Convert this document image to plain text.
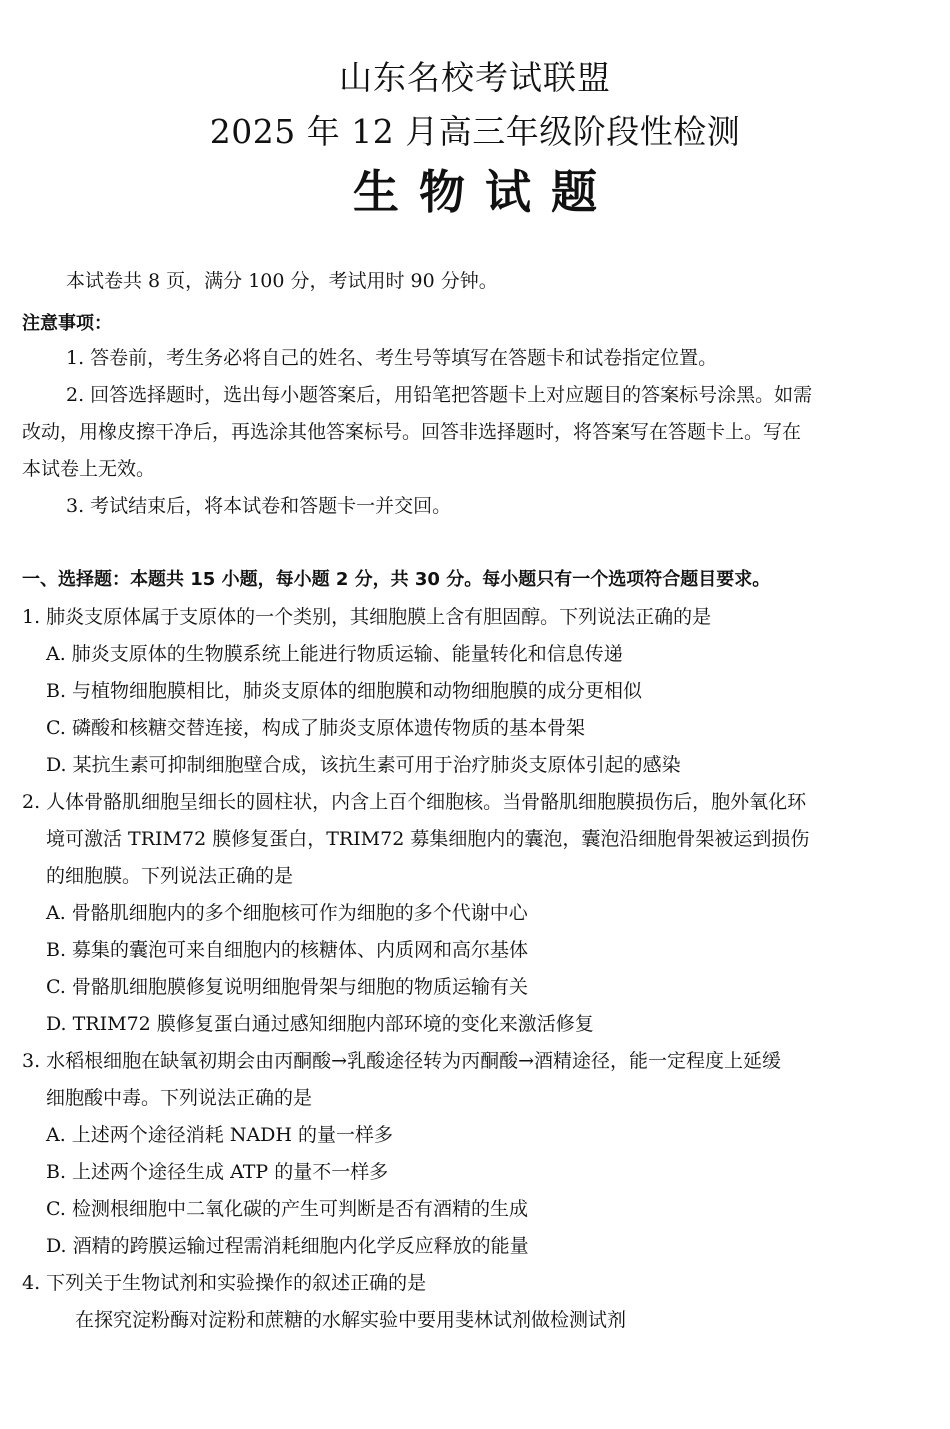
山东名校考试联盟
2025 年 12 月高三年级阶段性检测
生物试题
本试卷共 8 页，满分 100 分，考试用时 90 分钟。
注意事项：
1. 答卷前，考生务必将自己的姓名、考生号等填写在答题卡和试卷指定位置。
2. 回答选择题时，选出每小题答案后，用铅笔把答题卡上对应题目的答案标号涂黑。如需
改动，用橡皮擦干净后，再选涂其他答案标号。回答非选择题时，将答案写在答题卡上。写在
本试卷上无效。
3. 考试结束后，将本试卷和答题卡一并交回。
一、选择题：本题共 15 小题，每小题 2 分，共 30 分。每小题只有一个选项符合题目要求。
1. 肺炎支原体属于支原体的一个类别，其细胞膜上含有胆固醇。下列说法正确的是
A. 肺炎支原体的生物膜系统上能进行物质运输、能量转化和信息传递
B. 与植物细胞膜相比，肺炎支原体的细胞膜和动物细胞膜的成分更相似
C. 磷酸和核糖交替连接，构成了肺炎支原体遗传物质的基本骨架
D. 某抗生素可抑制细胞壁合成，该抗生素可用于治疗肺炎支原体引起的感染
2. 人体骨骼肌细胞呈细长的圆柱状，内含上百个细胞核。当骨骼肌细胞膜损伤后，胞外氧化环
境可激活 TRIM72 膜修复蛋白，TRIM72 募集细胞内的囊泡，囊泡沿细胞骨架被运到损伤
的细胞膜。下列说法正确的是
A. 骨骼肌细胞内的多个细胞核可作为细胞的多个代谢中心
B. 募集的囊泡可来自细胞内的核糖体、内质网和高尔基体
C. 骨骼肌细胞膜修复说明细胞骨架与细胞的物质运输有关
D. TRIM72 膜修复蛋白通过感知细胞内部环境的变化来激活修复
3. 水稻根细胞在缺氧初期会由丙酮酸→乳酸途径转为丙酮酸→酒精途径，能一定程度上延缓
细胞酸中毒。下列说法正确的是
A. 上述两个途径消耗 NADH 的量一样多
B. 上述两个途径生成 ATP 的量不一样多
C. 检测根细胞中二氧化碳的产生可判断是否有酒精的生成
D. 酒精的跨膜运输过程需消耗细胞内化学反应释放的能量
4. 下列关于生物试剂和实验操作的叙述正确的是
在探究淀粉酶对淀粉和蔗糖的水解实验中要用斐林试剂做检测试剂
